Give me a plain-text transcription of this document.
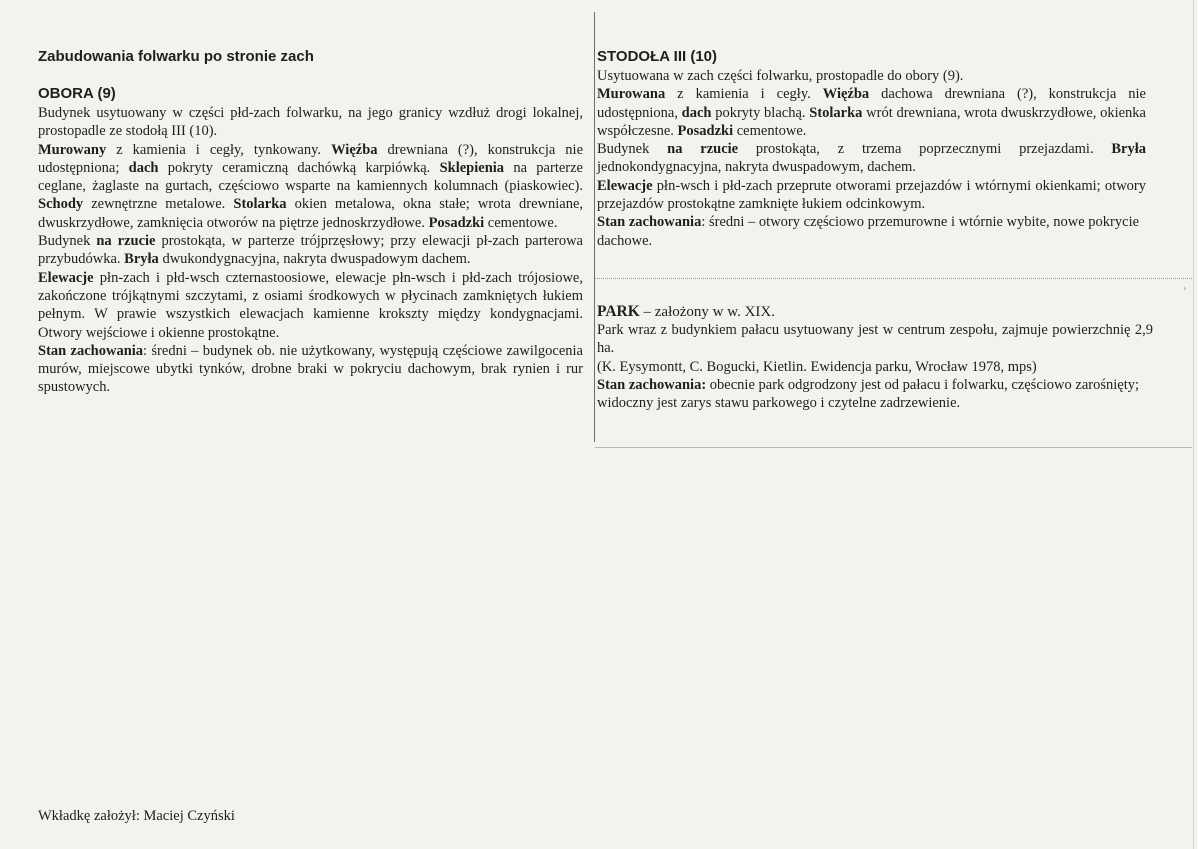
Zabudowania folwarku po stronie zach
OBORA (9)

Budynek usytuowany w części płd-zach folwarku, na jego granicy wzdłuż drogi lokalnej, prostopadle ze stodołą III (10).

Murowany z kamienia i cegły, tynkowany. Więźba drewniana (?), konstrukcja nie udostępniona; dach pokryty ceramiczną dachówką karpiówką. Sklepienia na parterze ceglane, żaglaste na gurtach, częściowo wsparte na kamiennych kolumnach (piaskowiec). Schody zewnętrzne metalowe. Stolarka okien metalowa, okna stałe; wrota drewniane, dwuskrzydłowe, zamknięcia otworów na piętrze jednoskrzydłowe. Posadzki cementowe.

Budynek na rzucie prostokąta, w parterze trójprzęsłowy; przy elewacji pł-zach parterowa przybudówka. Bryła dwukondygnacyjna, nakryta dwuspadowym dachem.

Elewacje płn-zach i płd-wsch czternastoosiowe, elewacje płn-wsch i płd-zach trójosiowe, zakończone trójkątnymi szczytami, z osiami środkowych w płycinach zamkniętych łukiem pełnym. W prawie wszystkich elewacjach kamienne krokszty między kondygnacjami. Otwory wejściowe i okienne prostokątne.

Stan zachowania: średni – budynek ob. nie użytkowany, występują częściowe zawilgocenia murów, miejscowe ubytki tynków, drobne braki w pokryciu dachowym, brak rynien i rur spustowych.

STODOŁA III (10)

Usytuowana w zach części folwarku, prostopadle do obory (9).

Murowana z kamienia i cegły. Więźba dachowa drewniana (?), konstrukcja nie udostępniona, dach pokryty blachą. Stolarka wrót drewniana, wrota dwuskrzydłowe, okienka współczesne. Posadzki cementowe.

Budynek na rzucie prostokąta, z trzema poprzecznymi przejazdami. Bryła jednokondygnacyjna, nakryta dwuspadowym, dachem.

Elewacje płn-wsch i płd-zach przeprute otworami przejazdów i wtórnymi okienkami; otwory przejazdów prostokątne zamknięte łukiem odcinkowym.

Stan zachowania: średni – otwory częściowo przemurowne i wtórnie wybite, nowe pokrycie dachowe.

PARK – założony w w. XIX.

Park wraz z budynkiem pałacu usytuowany jest w centrum zespołu, zajmuje powierzchnię 2,9 ha.

(K. Eysymontt, C. Bogucki, Kietlin. Ewidencja parku, Wrocław 1978, mps)

Stan zachowania: obecnie park odgrodzony jest od pałacu i folwarku, częściowo zarośnięty; widoczny jest zarys stawu parkowego i czytelne zadrzewienie.

›
Wkładkę założył: Maciej Czyński
